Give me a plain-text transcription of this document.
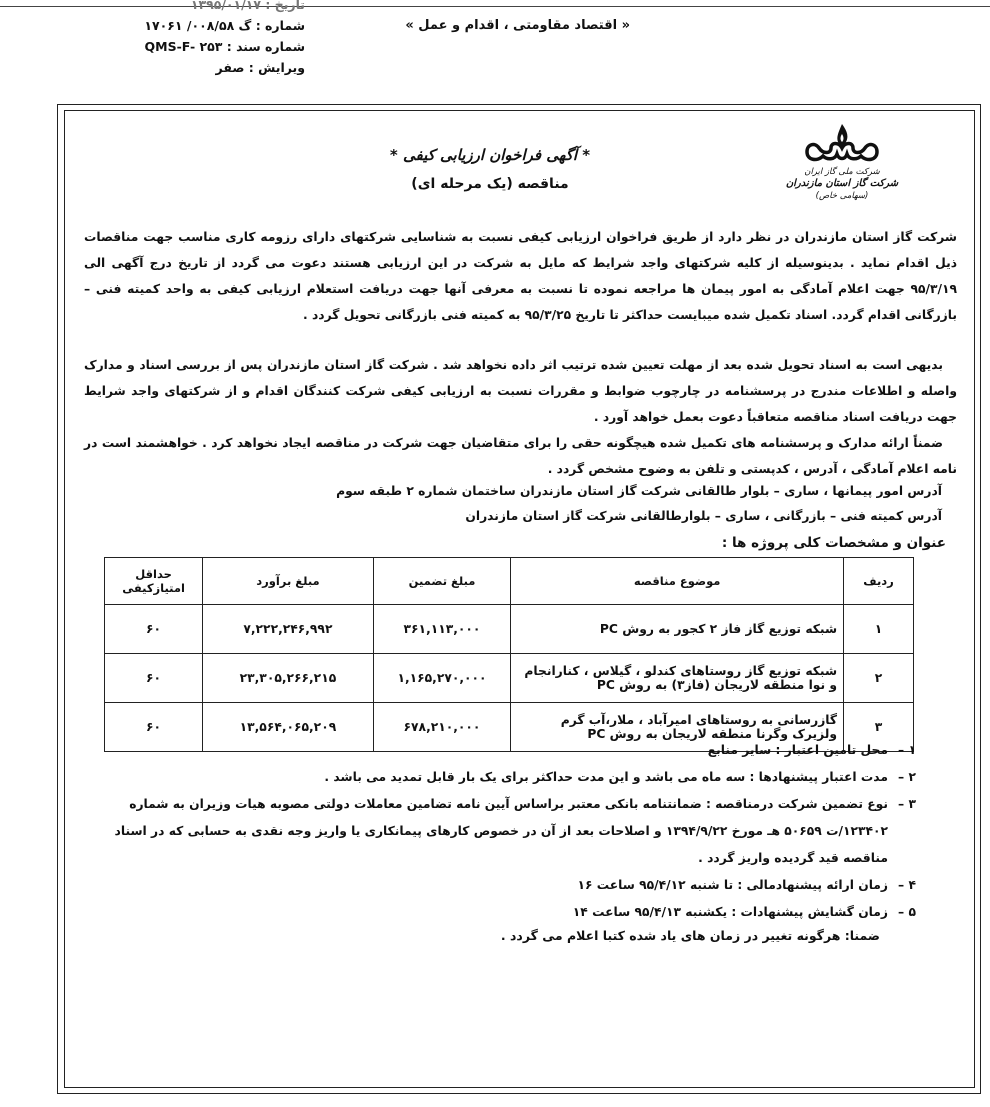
« اقتصاد مقاومتی ، اقدام و عمل »
تاریخ : ۱۳۹۵/۰۱/۱۷
شماره : گ ۰۰۸/۵۸/ ۱۷۰۶۱
شماره سند : QMS-F- ۲۵۳
ویرایش : صفر
شرکت ملی گاز ایران
شرکت گاز استان مازندران
(سهامی خاص)
* آگهی فراخوان ارزیابی کیفی *
مناقصه (یک مرحله ای)

شرکت گاز استان مازندران در نظر دارد از طریق فراخوان ارزیابی کیفی نسبت به شناسایی شرکتهای دارای رزومه کاری مناسب جهت مناقصات ذیل اقدام نماید . بدینوسیله از کلیه شرکتهای واجد شرایط که مایل به شرکت در این ارزیابی هستند دعوت می گردد از تاریخ درج آگهی الی ۹۵/۳/۱۹ جهت اعلام آمادگی به امور پیمان ها مراجعه نموده تا نسبت به معرفی آنها جهت دریافت استعلام ارزیابی کیفی به واحد کمیته فنی – بازرگانی اقدام گردد. اسناد تکمیل شده میبایست حداکثر تا تاریخ ۹۵/۳/۲۵ به کمیته فنی بازرگانی تحویل گردد .

بدیهی است به اسناد تحویل شده بعد از مهلت تعیین شده ترتیب اثر داده نخواهد شد . شرکت گاز استان مازندران پس از بررسی اسناد و مدارک واصله و اطلاعات مندرج در پرسشنامه در چارچوب ضوابط و مقررات نسبت به ارزیابی کیفی شرکت کنندگان اقدام و از شرکتهای واجد شرایط جهت دریافت اسناد مناقصه متعاقباً دعوت بعمل خواهد آورد .

ضمناً ارائه مدارک و پرسشنامه های تکمیل شده هیچگونه حقی را برای متقاضیان جهت شرکت در مناقصه ایجاد نخواهد کرد . خواهشمند است در نامه اعلام آمادگی ، آدرس ، کدپستی و تلفن به وضوح مشخص گردد .

آدرس امور پیمانها ، ساری – بلوار طالقانی شرکت گاز استان مازندران ساختمان شماره ۲ طبقه سوم
آدرس کمیته فنی – بازرگانی ، ساری – بلوارطالقانی شرکت گاز استان مازندران
عنوان و مشخصات کلی پروژه ها :
ردیف	موضوع مناقصه	مبلغ تضمین	مبلغ برآورد	حداقل امتیازکیفی
۱	شبکه توزیع گاز فاز ۲ کجور به روش PC	۳۶۱,۱۱۳,۰۰۰	۷,۲۲۲,۲۴۶,۹۹۲	۶۰
۲	شبکه توزیع گاز روستاهای کندلو ، گیلاس ، کنارانجام و نوا منطقه لاریجان (فاز۳) به روش PC	۱,۱۶۵,۲۷۰,۰۰۰	۲۳,۳۰۵,۲۶۶,۲۱۵	۶۰
۳	گازرسانی به روستاهای امیرآباد ، ملار،آب گرم ولزیرک وگرنا منطقه لاریجان به روش PC	۶۷۸,۲۱۰,۰۰۰	۱۳,۵۶۴,۰۶۵,۲۰۹	۶۰
۱ –
محل تامین اعتبار : سایر منابع
۲ –
مدت اعتبار پیشنهادها : سه ماه می باشد و این مدت حداکثر برای یک بار قابل تمدید می باشد .
۳ –
نوع تضمین شرکت درمناقصه : ضمانتنامه بانکی معتبر براساس آیین نامه تضامین معاملات دولتی مصوبه هیات وزیران به شماره ۱۲۳۴۰۲/ت ۵۰۶۵۹ هـ مورخ ۱۳۹۴/۹/۲۲ و اصلاحات بعد از آن در خصوص کارهای پیمانکاری یا واریز وجه نقدی به حسابی که در اسناد مناقصه قید گردیده واریز گردد .
۴ –
زمان ارائه پیشنهادمالی : تا شنبه ۹۵/۴/۱۲ ساعت ۱۶
۵ –
زمان گشایش پیشنهادات : یکشنبه ۹۵/۴/۱۳ ساعت ۱۴
ضمنا: هرگونه تغییر در زمان های یاد شده کتبا اعلام می گردد .
